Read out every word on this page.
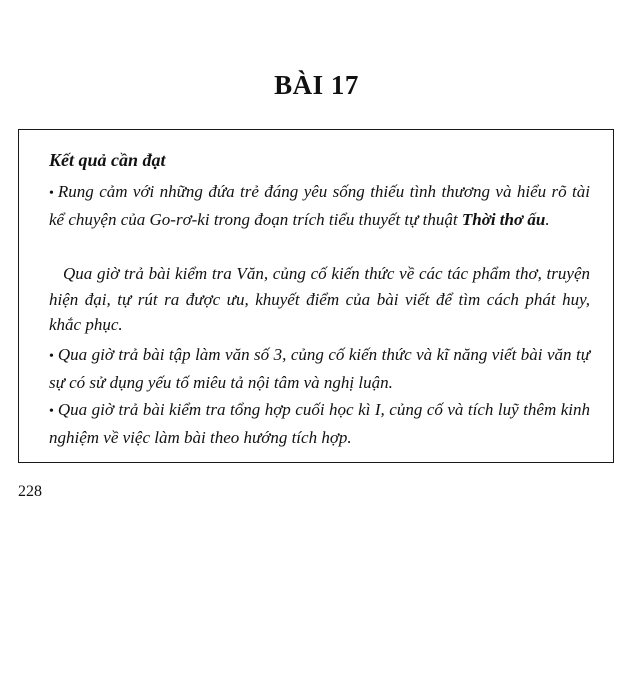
BÀI 17
Kết quả cần đạt

• Rung cảm với những đứa trẻ đáng yêu sống thiếu tình thương và hiểu rõ tài kể chuyện của Go-rơ-ki trong đoạn trích tiểu thuyết tự thuật Thời thơ ấu.

Qua giờ trả bài kiểm tra Văn, củng cố kiến thức về các tác phẩm thơ, truyện hiện đại, tự rút ra được ưu, khuyết điểm của bài viết để tìm cách phát huy, khắc phục.

• Qua giờ trả bài tập làm văn số 3, củng cố kiến thức và kĩ năng viết bài văn tự sự có sử dụng yếu tố miêu tả nội tâm và nghị luận.

• Qua giờ trả bài kiểm tra tổng hợp cuối học kì I, củng cố và tích luỹ thêm kinh nghiệm về việc làm bài theo hướng tích hợp.

228
